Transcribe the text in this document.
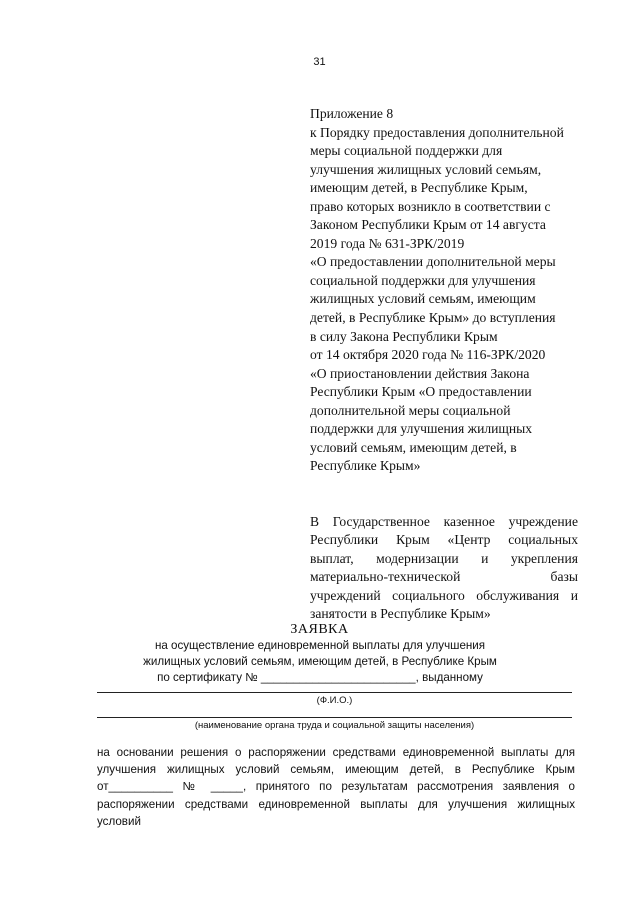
31
Приложение 8
к Порядку предоставления дополнительной
меры социальной поддержки для
улучшения жилищных условий семьям,
имеющим детей, в Республике Крым,
право которых возникло в соответствии с
Законом Республики Крым от 14 августа
2019 года № 631-ЗРК/2019
«О предоставлении дополнительной меры
социальной поддержки для улучшения
жилищных условий семьям, имеющим
детей, в Республике Крым» до вступления
в силу Закона Республики Крым
от 14 октября 2020 года № 116-ЗРК/2020
«О приостановлении действия Закона
Республики Крым «О предоставлении
дополнительной меры социальной
поддержки для улучшения жилищных
условий семьям, имеющим детей, в
Республике Крым»
В Государственное казенное учреждение
Республики Крым «Центр социальных
выплат, модернизации и укрепления
материально-технической базы
учреждений социального обслуживания и
занятости в Республике Крым»
ЗАЯВКА
на осуществление единовременной выплаты для улучшения
жилищных условий семьям, имеющим детей, в Республике Крым
по сертификату № ________________________, выданному
(Ф.И.О.)
(наименование органа труда и социальной защиты населения)
на основании решения о распоряжении средствами единовременной выплаты для
улучшения жилищных условий семьям, имеющим детей, в Республике Крым
от__________ № _____, принятого по результатам рассмотрения заявления о
распоряжении средствами единовременной выплаты для улучшения жилищных условий
